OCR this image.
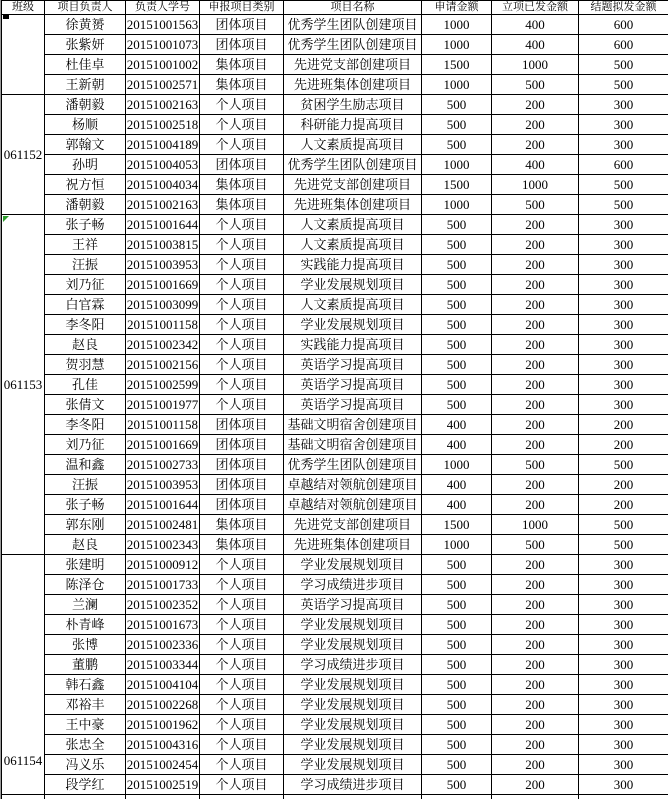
班级	项目负责人	负责人学号	申报项目类别	项目名称	申请金额	立项已发金额	结题拟发金额

	徐黄赟	20151001563	团体项目	优秀学生团队创建项目	1000	400	600
	张紫妍	20151001073	团体项目	优秀学生团队创建项目	1000	400	600
	杜佳卓	20151001002	集体项目	先进党支部创建项目	1500	1000	500
	王新朝	20151002571	集体项目	先进班集体创建项目	1000	500	500
061152	潘朝毅	20151002163	个人项目	贫困学生励志项目	500	200	300
	杨顺	20151002518	个人项目	科研能力提高项目	500	200	300
	郭翰文	20151004189	个人项目	人文素质提高项目	500	200	300
	孙明	20151004053	团体项目	优秀学生团队创建项目	1000	400	600
	祝方恒	20151004034	集体项目	先进党支部创建项目	1500	1000	500
	潘朝毅	20151002163	集体项目	先进班集体创建项目	1000	500	500
061153	张子畅	20151001644	个人项目	人文素质提高项目	500	200	300
	王祥	20151003815	个人项目	人文素质提高项目	500	200	300
	汪振	20151003953	个人项目	实践能力提高项目	500	200	300
	刘乃征	20151001669	个人项目	学业发展规划项目	500	200	300
	白官霖	20151003099	个人项目	人文素质提高项目	500	200	300
	李冬阳	20151001158	个人项目	学业发展规划项目	500	200	300
	赵良	20151002342	个人项目	实践能力提高项目	500	200	300
	贺羽慧	20151002156	个人项目	英语学习提高项目	500	200	300
	孔佳	20151002599	个人项目	英语学习提高项目	500	200	300
	张倩文	20151001977	个人项目	英语学习提高项目	500	200	300
	李冬阳	20151001158	团体项目	基础文明宿舍创建项目	400	200	200
	刘乃征	20151001669	团体项目	基础文明宿舍创建项目	400	200	200
	温和鑫	20151002733	团体项目	优秀学生团队创建项目	1000	500	500
	汪振	20151003953	团体项目	卓越结对领航创建项目	400	200	200
	张子畅	20151001644	团体项目	卓越结对领航创建项目	400	200	200
	郭东刚	20151002481	集体项目	先进党支部创建项目	1500	1000	500
	赵良	20151002343	集体项目	先进班集体创建项目	1000	500	500

061154	张建明	20151000912	个人项目	学业发展规划项目	500	200	300
	陈泽仓	20151001733	个人项目	学习成绩进步项目	500	200	300
	兰澜	20151002352	个人项目	英语学习提高项目	500	200	300
	朴青峰	20151001673	个人项目	学业发展规划项目	500	200	300
	张博	20151002336	个人项目	学业发展规划项目	500	200	300
	董鹏	20151003344	个人项目	学习成绩进步项目	500	200	300
	韩石鑫	20151004104	个人项目	学业发展规划项目	500	200	300
	邓裕丰	20151002268	个人项目	学业发展规划项目	500	200	300
	王中豪	20151001962	个人项目	学业发展规划项目	500	200	300
	张忠全	20151004316	个人项目	学业发展规划项目	500	200	300
	冯义乐	20151002454	个人项目	学业发展规划项目	500	200	300
	段学红	20151002519	个人项目	学习成绩进步项目	500	200	300
